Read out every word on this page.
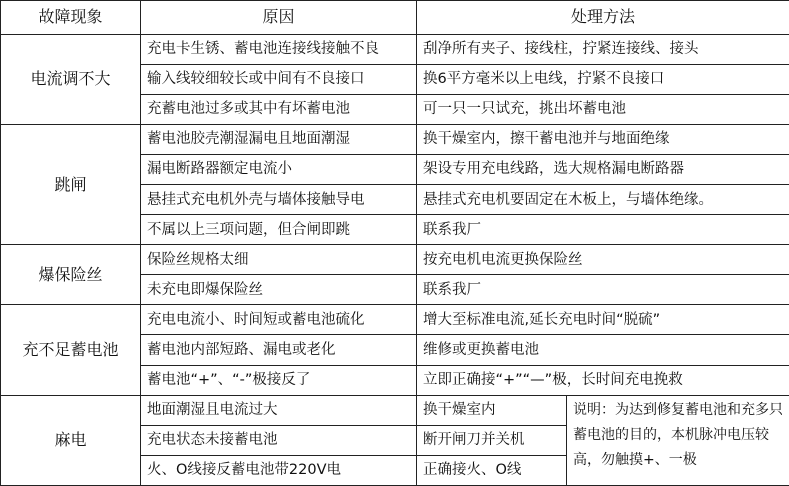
故障现象	原因	处理方法	
电流调不大	充电卡生锈、蓄电池连接线接触不良	刮净所有夹子、接线柱，拧紧连接线、接头	
	输入线较细较长或中间有不良接口	换6平方毫米以上电线，拧紧不良接口	
	充蓄电池过多或其中有坏蓄电池	可一只一只试充，挑出坏蓄电池	
跳闸	蓄电池胶壳潮湿漏电且地面潮湿	换干燥室内，擦干蓄电池并与地面绝缘	
	漏电断路器额定电流小	架设专用充电线路，选大规格漏电断路器	
	悬挂式充电机外壳与墙体接触导电	悬挂式充电机要固定在木板上，与墙体绝缘。	
	不属以上三项问题，但合闸即跳	联系我厂	
爆保险丝	保险丝规格太细	按充电机电流更换保险丝	
	未充电即爆保险丝	联系我厂	
充不足蓄电池	充电电流小、时间短或蓄电池硫化	增大至标准电流,延长充电时间“脱硫”	
	蓄电池内部短路、漏电或老化	维修或更换蓄电池	
	蓄电池“+”、“-”极接反了	立即正确接“+”“—”极，长时间充电挽救	
麻电	地面潮湿且电流过大	换干燥室内	说明：为达到修复蓄电池和充多只蓄电池的目的，本机脉冲电压较高，勿触摸+、一极
	充电状态未接蓄电池	断开闸刀并关机	
	火、O线接反蓄电池带220V电	正确接火、O线	
